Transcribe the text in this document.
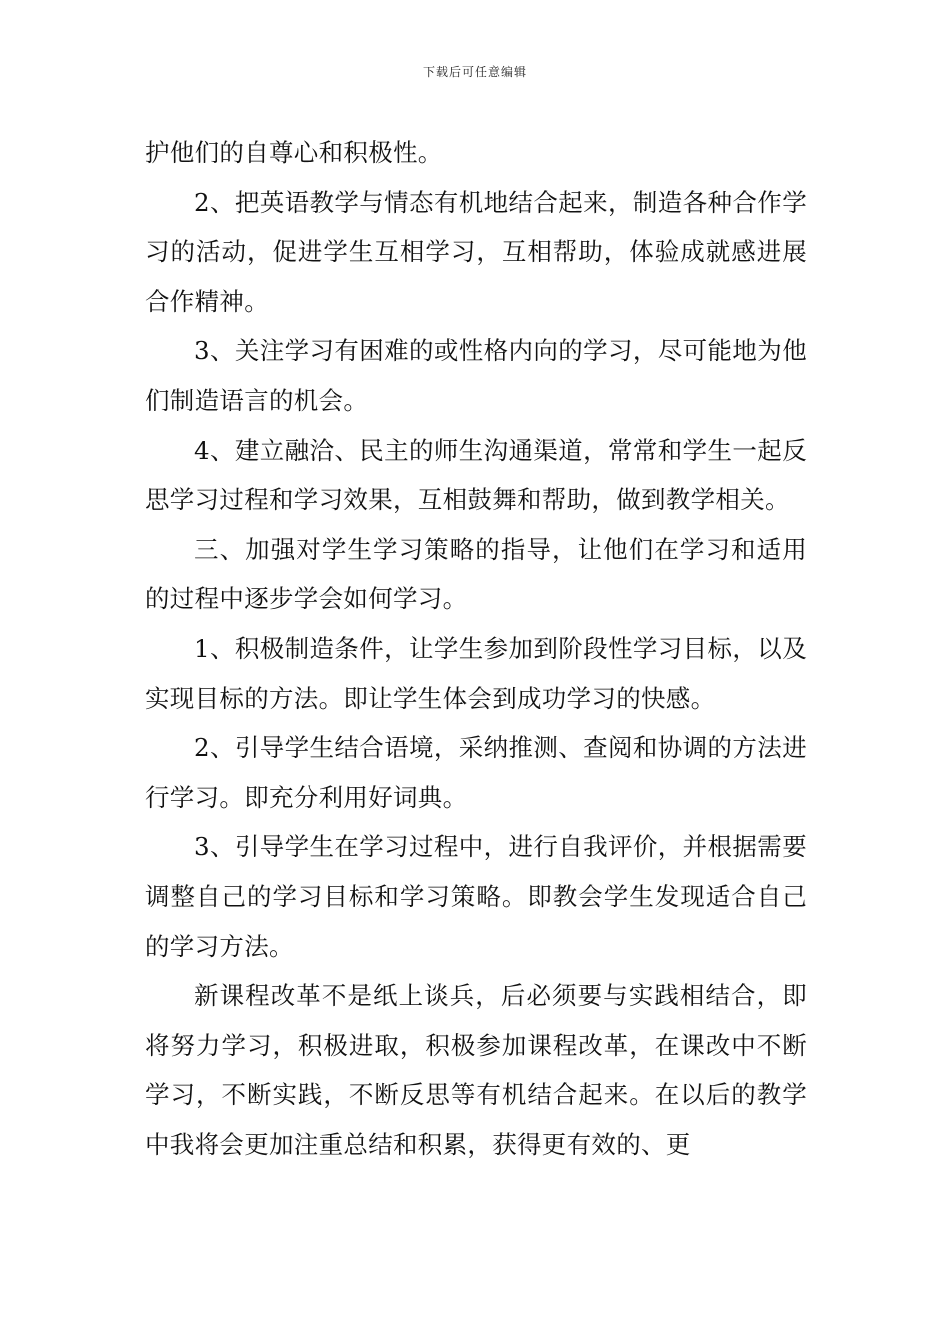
下载后可任意编辑

护他们的自尊心和积极性。

2、把英语教学与情态有机地结合起来，制造各种合作学习的活动，促进学生互相学习，互相帮助，体验成就感进展合作精神。

3、关注学习有困难的或性格内向的学习，尽可能地为他们制造语言的机会。

4、建立融洽、民主的师生沟通渠道，常常和学生一起反思学习过程和学习效果，互相鼓舞和帮助，做到教学相关。

三、加强对学生学习策略的指导，让他们在学习和适用的过程中逐步学会如何学习。

1、积极制造条件，让学生参加到阶段性学习目标，以及实现目标的方法。即让学生体会到成功学习的快感。

2、引导学生结合语境，采纳推测、查阅和协调的方法进行学习。即充分利用好词典。

3、引导学生在学习过程中，进行自我评价，并根据需要调整自己的学习目标和学习策略。即教会学生发现适合自己的学习方法。

新课程改革不是纸上谈兵，后必须要与实践相结合，即将努力学习，积极进取，积极参加课程改革，在课改中不断学习，不断实践，不断反思等有机结合起来。在以后的教学中我将会更加注重总结和积累，获得更有效的、更
